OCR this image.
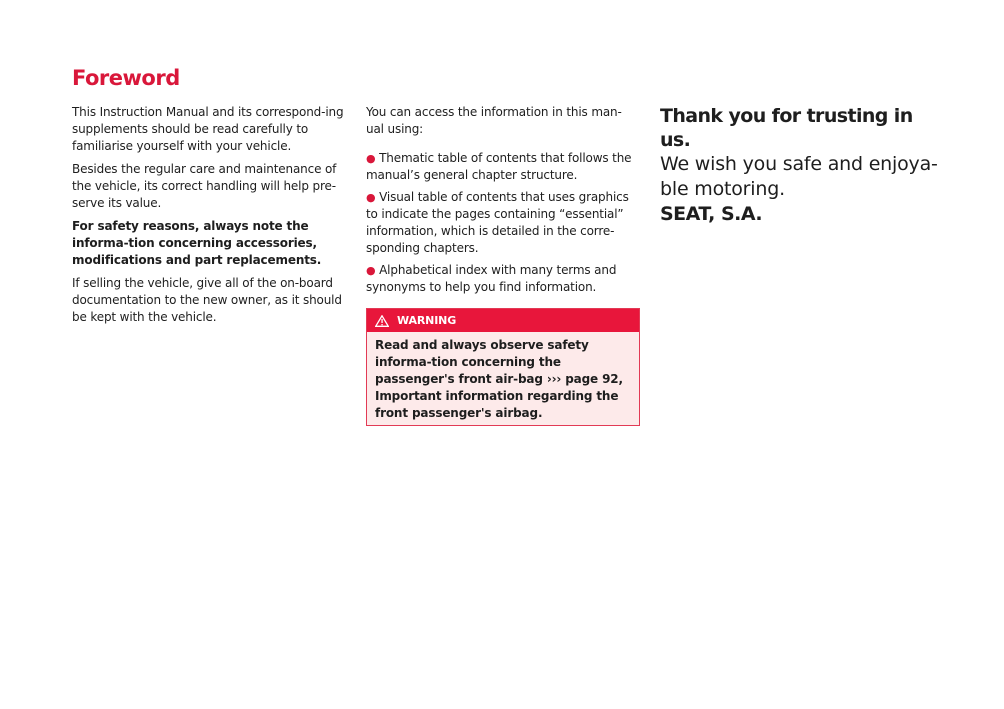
Foreword

This Instruction Manual and its correspond-ing supplements should be read carefully to familiarise yourself with your vehicle.

Besides the regular care and maintenance of the vehicle, its correct handling will help pre-serve its value.

For safety reasons, always note the informa-tion concerning accessories, modifications and part replacements.

If selling the vehicle, give all of the on-board documentation to the new owner, as it should be kept with the vehicle.

You can access the information in this man-ual using:

● Thematic table of contents that follows the manual’s general chapter structure.

● Visual table of contents that uses graphics to indicate the pages containing “essential” information, which is detailed in the corre-sponding chapters.

● Alphabetical index with many terms and synonyms to help you find information.

WARNING
Read and always observe safety informa-tion concerning the passenger's front air-bag ››› page 92, Important information regarding the front passenger's airbag.

Thank you for trusting in us.

We wish you safe and enjoya-ble motoring.

SEAT, S.A.
